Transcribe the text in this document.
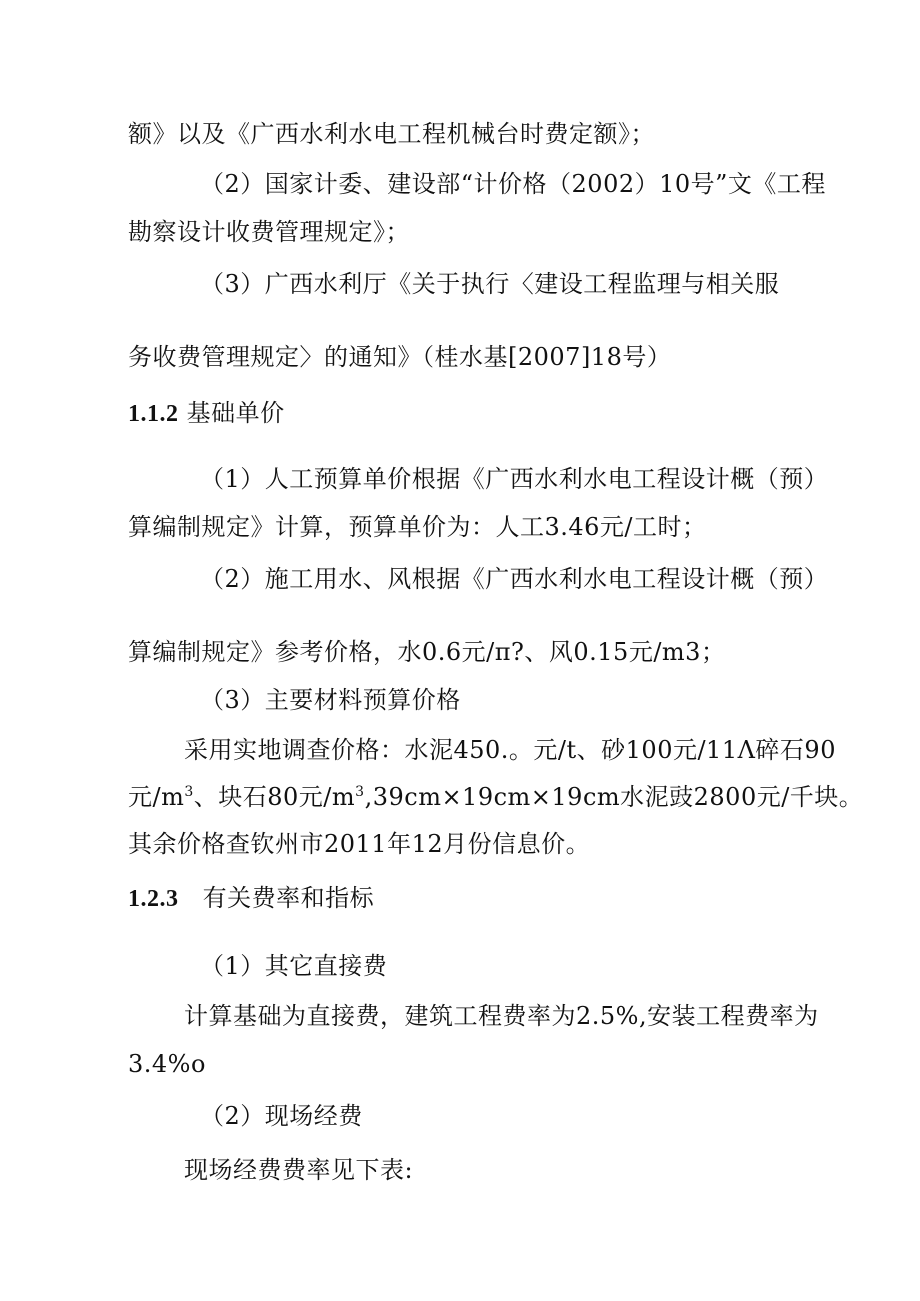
额》以及《广西水利水电工程机械台时费定额》；
（2）国家计委、建设部“计价格（2002）10号”文《工程
勘察设计收费管理规定》；
（3）广西水利厅《关于执行〈建设工程监理与相关服
务收费管理规定〉的通知》（桂水基[2007]18号）
1.1.2 基础单价
（1）人工预算单价根据《广西水利水电工程设计概（预）
算编制规定》计算，预算单价为：人工3.46元/工时；
（2）施工用水、风根据《广西水利水电工程设计概（预）
算编制规定》参考价格，水0.6元/π?、风0.15元/m3；
（3）主要材料预算价格
采用实地调查价格：水泥450.。元/t、砂100元/11Λ碎石90
元$/m^3$、块石80元$/m^3,39cm\times 19cm\times 19cm$水泥豉2800元/千块。
其余价格查钦州市2011年12月份信息价。
1.2.3 有关费率和指标
（1）其它直接费
计算基础为直接费，建筑工程费率为2.5%,安装工程费率为
3.4%o
（2）现场经费
现场经费费率见下表:
